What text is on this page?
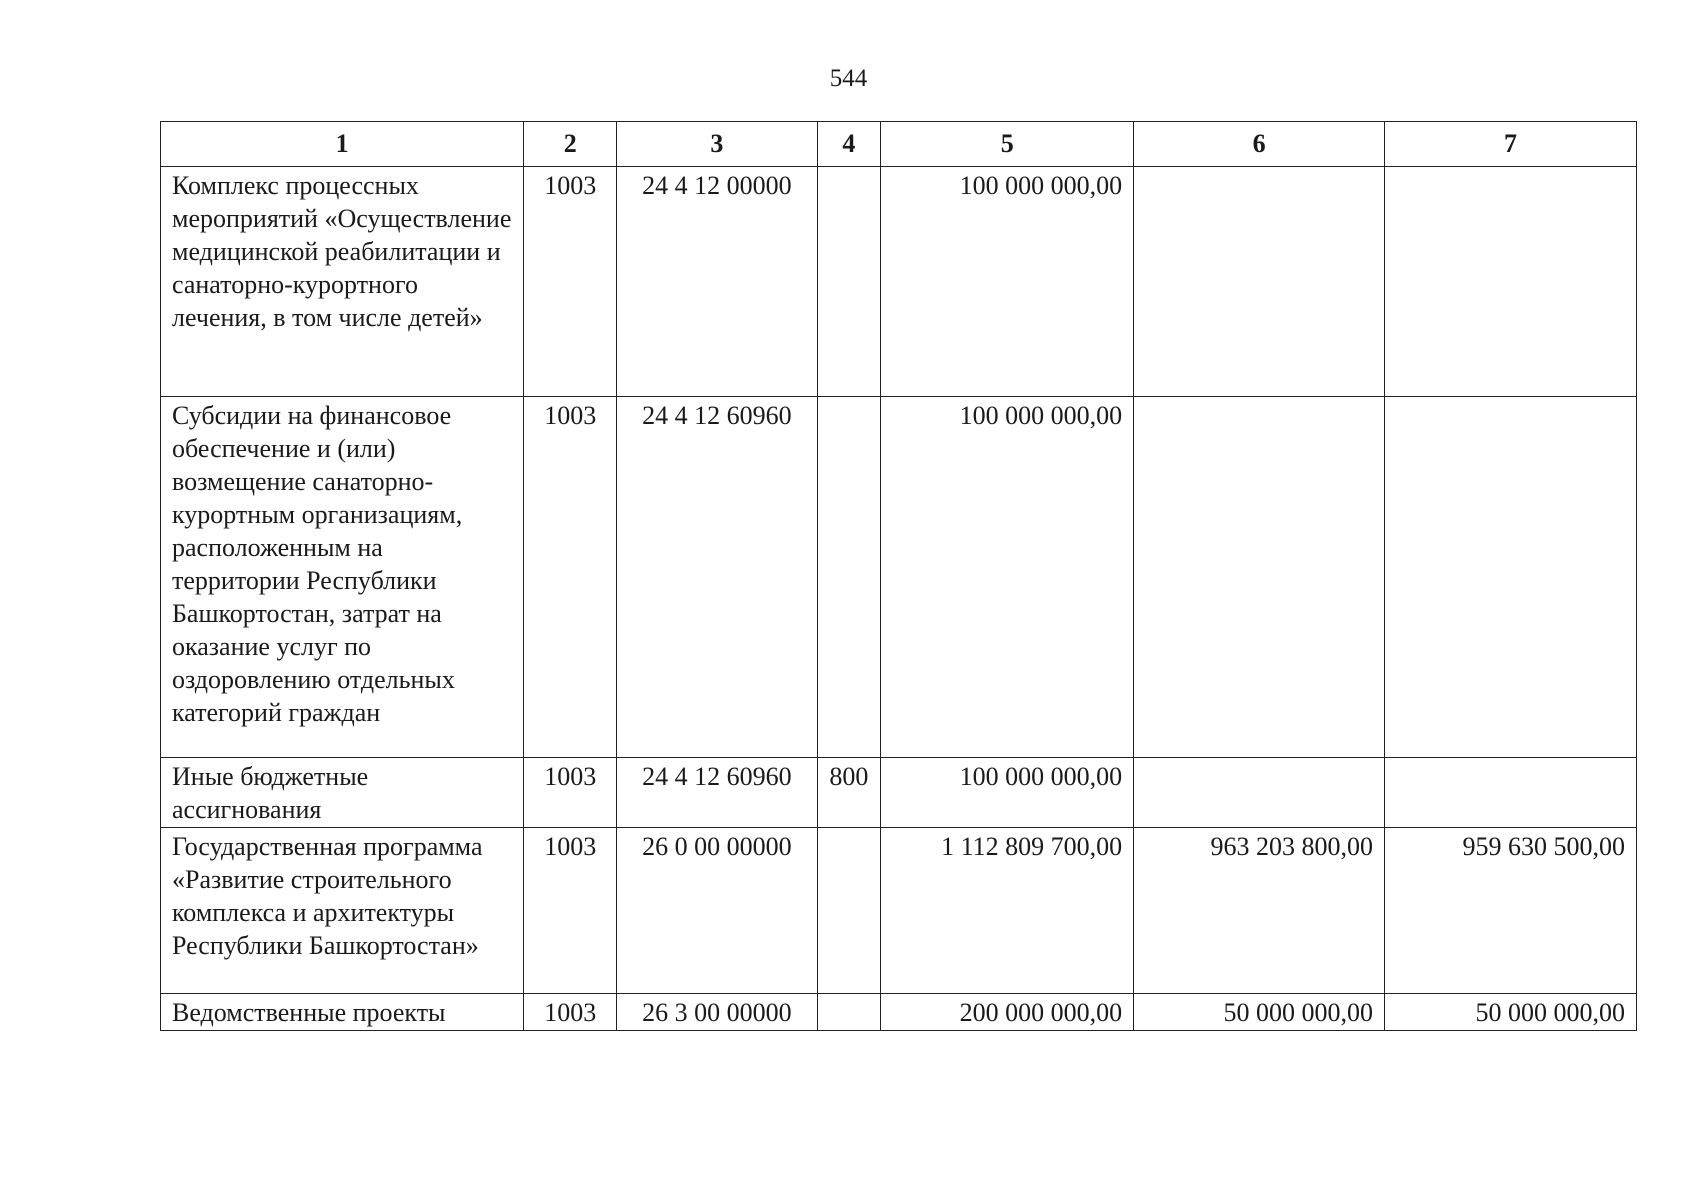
544
1	2	3	4	5	6	7
Комплекс процессных мероприятий «Осуществление медицинской реабилитации и санаторно-курортного лечения, в том числе детей»	1003	24 4 12 00000		100 000 000,00		
Субсидии на финансовое обеспечение и (или) возмещение санаторно-курортным организациям, расположенным на территории Республики Башкортостан, затрат на оказание услуг по оздоровлению отдельных категорий граждан	1003	24 4 12 60960		100 000 000,00		
Иные бюджетные ассигнования	1003	24 4 12 60960	800	100 000 000,00		
Государственная программа «Развитие строительного комплекса и архитектуры Республики Башкортостан»	1003	26 0 00 00000		1 112 809 700,00	963 203 800,00	959 630 500,00
Ведомственные проекты	1003	26 3 00 00000		200 000 000,00	50 000 000,00	50 000 000,00
